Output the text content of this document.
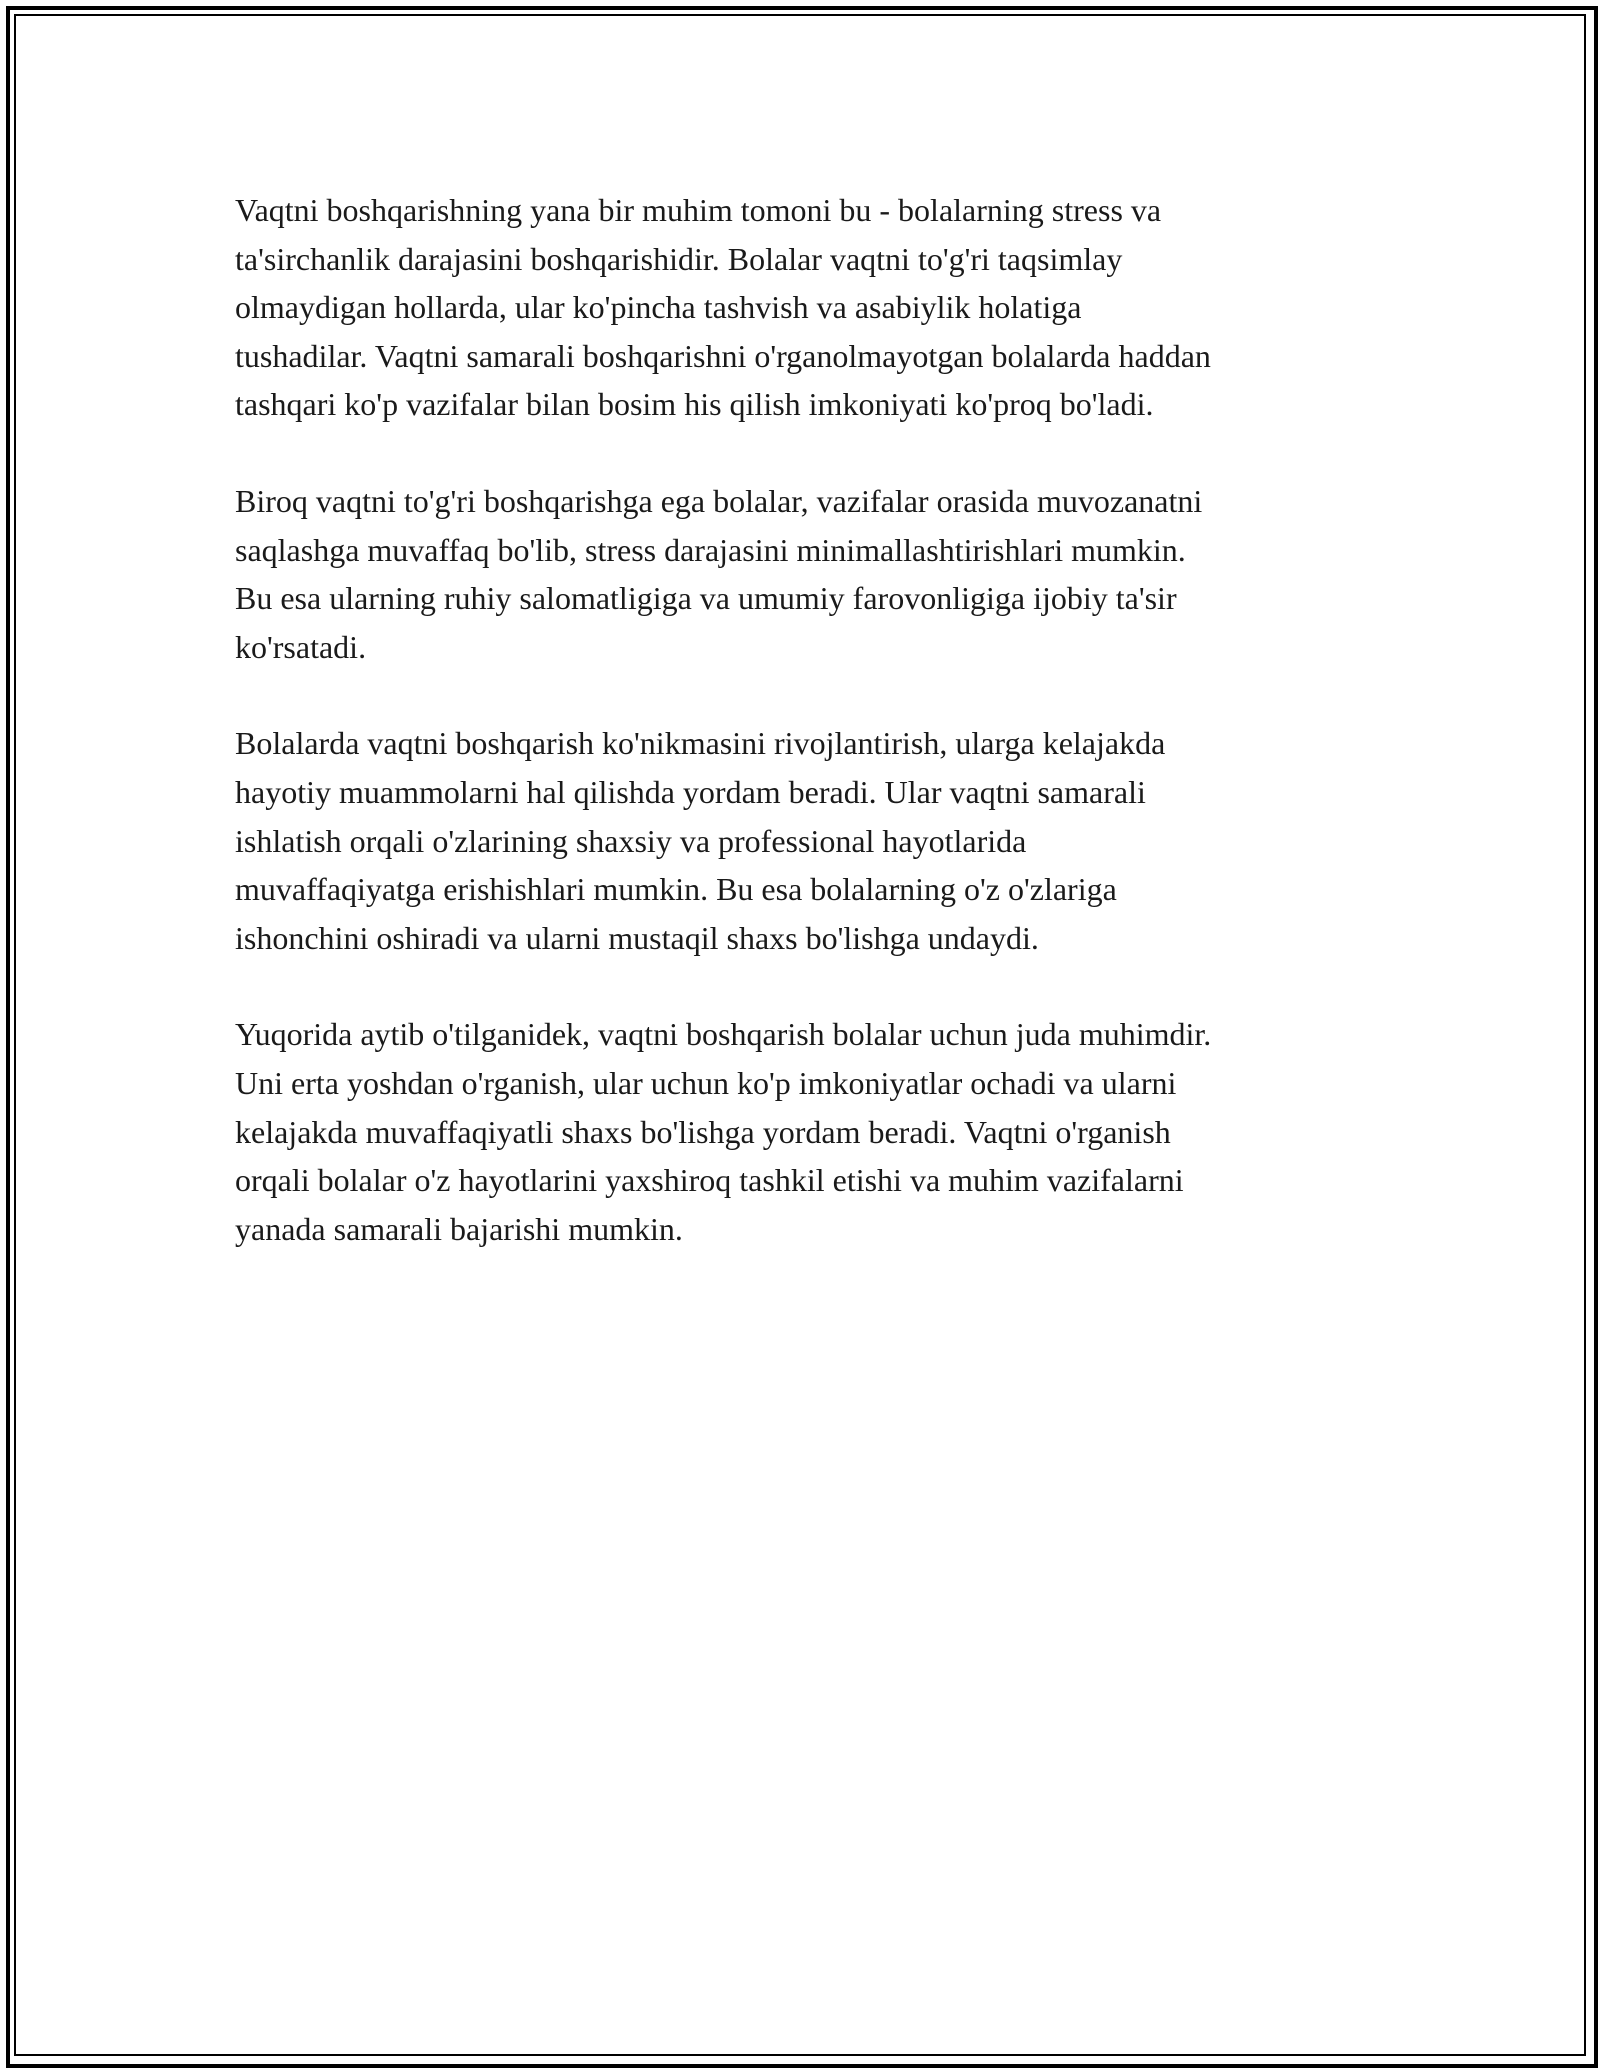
Vaqtni boshqarishning yana bir muhim tomoni bu - bolalarning stress va
ta'sirchanlik darajasini boshqarishidir. Bolalar vaqtni to'g'ri taqsimlay
olmaydigan hollarda, ular ko'pincha tashvish va asabiylik holatiga
tushadilar. Vaqtni samarali boshqarishni o'rganolmayotgan bolalarda haddan
tashqari ko'p vazifalar bilan bosim his qilish imkoniyati ko'proq bo'ladi.

Biroq vaqtni to'g'ri boshqarishga ega bolalar, vazifalar orasida muvozanatni
saqlashga muvaffaq bo'lib, stress darajasini minimallashtirishlari mumkin.
Bu esa ularning ruhiy salomatligiga va umumiy farovonligiga ijobiy ta'sir
ko'rsatadi.

Bolalarda vaqtni boshqarish ko'nikmasini rivojlantirish, ularga kelajakda
hayotiy muammolarni hal qilishda yordam beradi. Ular vaqtni samarali
ishlatish orqali o'zlarining shaxsiy va professional hayotlarida
muvaffaqiyatga erishishlari mumkin. Bu esa bolalarning o'z o'zlariga
ishonchini oshiradi va ularni mustaqil shaxs bo'lishga undaydi.

Yuqorida aytib o'tilganidek, vaqtni boshqarish bolalar uchun juda muhimdir.
Uni erta yoshdan o'rganish, ular uchun ko'p imkoniyatlar ochadi va ularni
kelajakda muvaffaqiyatli shaxs bo'lishga yordam beradi. Vaqtni o'rganish
orqali bolalar o'z hayotlarini yaxshiroq tashkil etishi va muhim vazifalarni
yanada samarali bajarishi mumkin.
